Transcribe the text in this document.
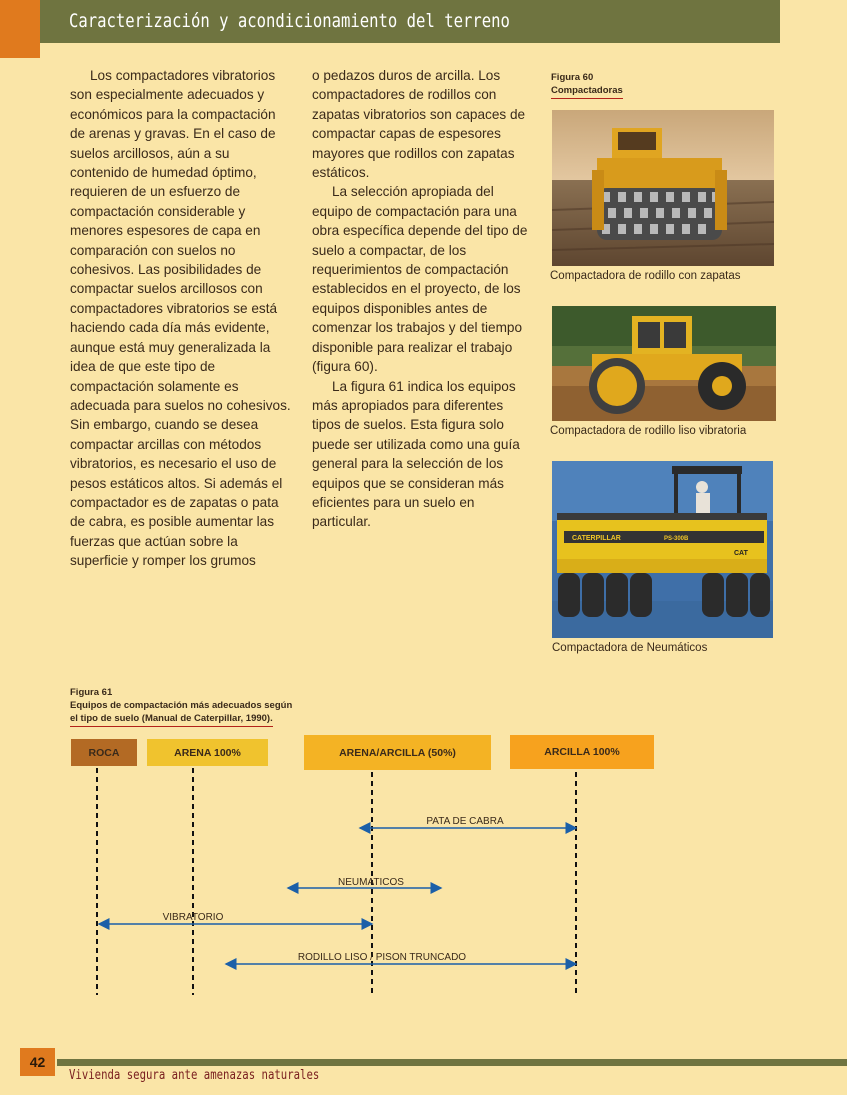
Caracterización y acondicionamiento del terreno

Los compactadores vibratorios son especialmente adecuados y económicos para la compactación de arenas y gravas. En el caso de suelos arcillosos, aún a su contenido de humedad óptimo, requieren de un esfuerzo de compactación considerable y menores espesores de capa en comparación con suelos no cohesivos. Las posibilidades de compactar suelos arcillosos con compactadores vibratorios se está haciendo cada día más evidente, aunque está muy generalizada la idea de que este tipo de compactación solamente es adecuada para suelos no cohesivos. Sin embargo, cuando se desea compactar arcillas con métodos vibratorios, es necesario el uso de pesos estáticos altos. Si además el compactador es de zapatas o pata de cabra, es posible aumentar las fuerzas que actúan sobre la superficie y romper los grumos

o pedazos duros de arcilla. Los compactadores de rodillos con zapatas vibratorios son capaces de compactar capas de espesores mayores que rodillos con zapatas estáticos.

La selección apropiada del equipo de compactación para una obra específica depende del tipo de suelo a compactar, de los requerimientos de compactación establecidos en el proyecto, de los equipos disponibles antes de comenzar los trabajos y del tiempo disponible para realizar el trabajo (figura 60).

La figura 61 indica los equipos más apropiados para diferentes tipos de suelos. Esta figura solo puede ser utilizada como una guía general para la selección de los equipos que se consideran más eficientes para un suelo en particular.

Figura 60
Compactadoras
Compactadora de rodillo con zapatas
Compactadora de rodillo liso vibratoria
CATERPILLAR	PS-300B
CAT
Compactadora de Neumáticos
Figura 61
Equipos de compactación más adecuados según
el tipo de suelo (Manual de Caterpillar, 1990).
ROCA	ARENA 100%	ARENA/ARCILLA (50%)	ARCILLA 100%
PATA DE CABRA
NEUMATICOS
VIBRATORIO
RODILLO LISO / PISON TRUNCADO
42
Vivienda segura ante amenazas naturales
